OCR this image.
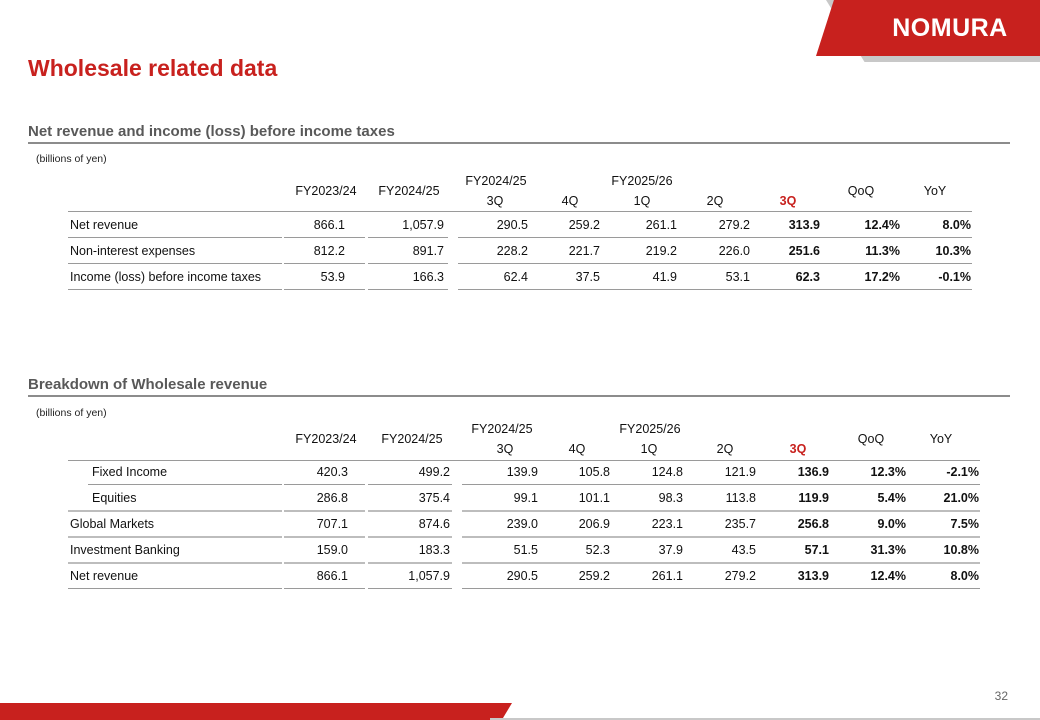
NOMURA
Wholesale related data
Net revenue and income (loss) before income taxes
(billions of yen)
FY2023/24	FY2024/25
FY2024/25	FY2025/26
3Q	4Q	1Q	2Q	3Q
QoQ	YoY
Net revenue	866.1	1,057.9	290.5	259.2	261.1	279.2	313.9	12.4%	8.0%
Non-interest expenses	812.2	891.7	228.2	221.7	219.2	226.0	251.6	11.3%	10.3%
Income (loss) before income taxes	53.9	166.3	62.4	37.5	41.9	53.1	62.3	17.2%	-0.1%
Breakdown of Wholesale revenue
(billions of yen)
FY2023/24	FY2024/25
FY2024/25	FY2025/26
3Q	4Q	1Q	2Q	3Q
QoQ	YoY
Fixed Income	420.3	499.2	139.9	105.8	124.8	121.9	136.9	12.3%	-2.1%
Equities	286.8	375.4	99.1	101.1	98.3	113.8	119.9	5.4%	21.0%
Global Markets	707.1	874.6	239.0	206.9	223.1	235.7	256.8	9.0%	7.5%
Investment Banking	159.0	183.3	51.5	52.3	37.9	43.5	57.1	31.3%	10.8%
Net revenue	866.1	1,057.9	290.5	259.2	261.1	279.2	313.9	12.4%	8.0%
32
